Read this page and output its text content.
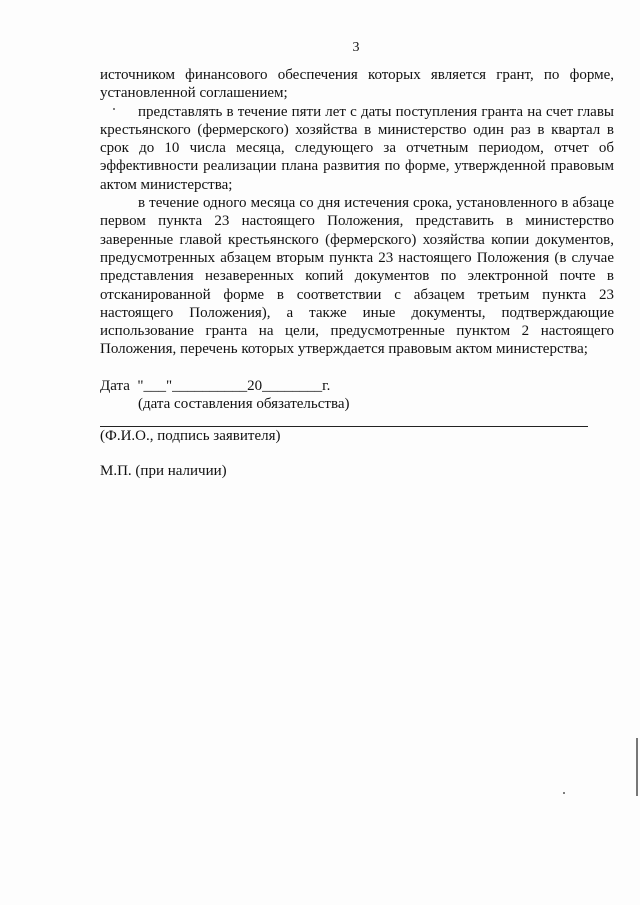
3

источником финансового обеспечения которых является грант, по форме, установленной соглашением;

представлять в течение пяти лет с даты поступления гранта на счет главы крестьянского (фермерского) хозяйства в министерство один раз в квартал в срок до 10 числа месяца, следующего за отчетным периодом, отчет об эффективности реализации плана развития по форме, утвержденной правовым актом министерства;

в течение одного месяца со дня истечения срока, установленного в абзаце первом пункта 23 настоящего Положения, представить в министерство заверенные главой крестьянского (фермерского) хозяйства копии документов, предусмотренных абзацем вторым пункта 23 настоящего Положения (в случае представления незаверенных копий документов по электронной почте в отсканированной форме в соответствии с абзацем третьим пункта 23 настоящего Положения), а также иные документы, подтверждающие использование гранта на цели, предусмотренные пунктом 2 настоящего Положения, перечень которых утверждается правовым актом министерства;

Дата  "___"__________20________г.
(дата составления обязательства)
(Ф.И.О., подпись заявителя)
М.П. (при наличии)
